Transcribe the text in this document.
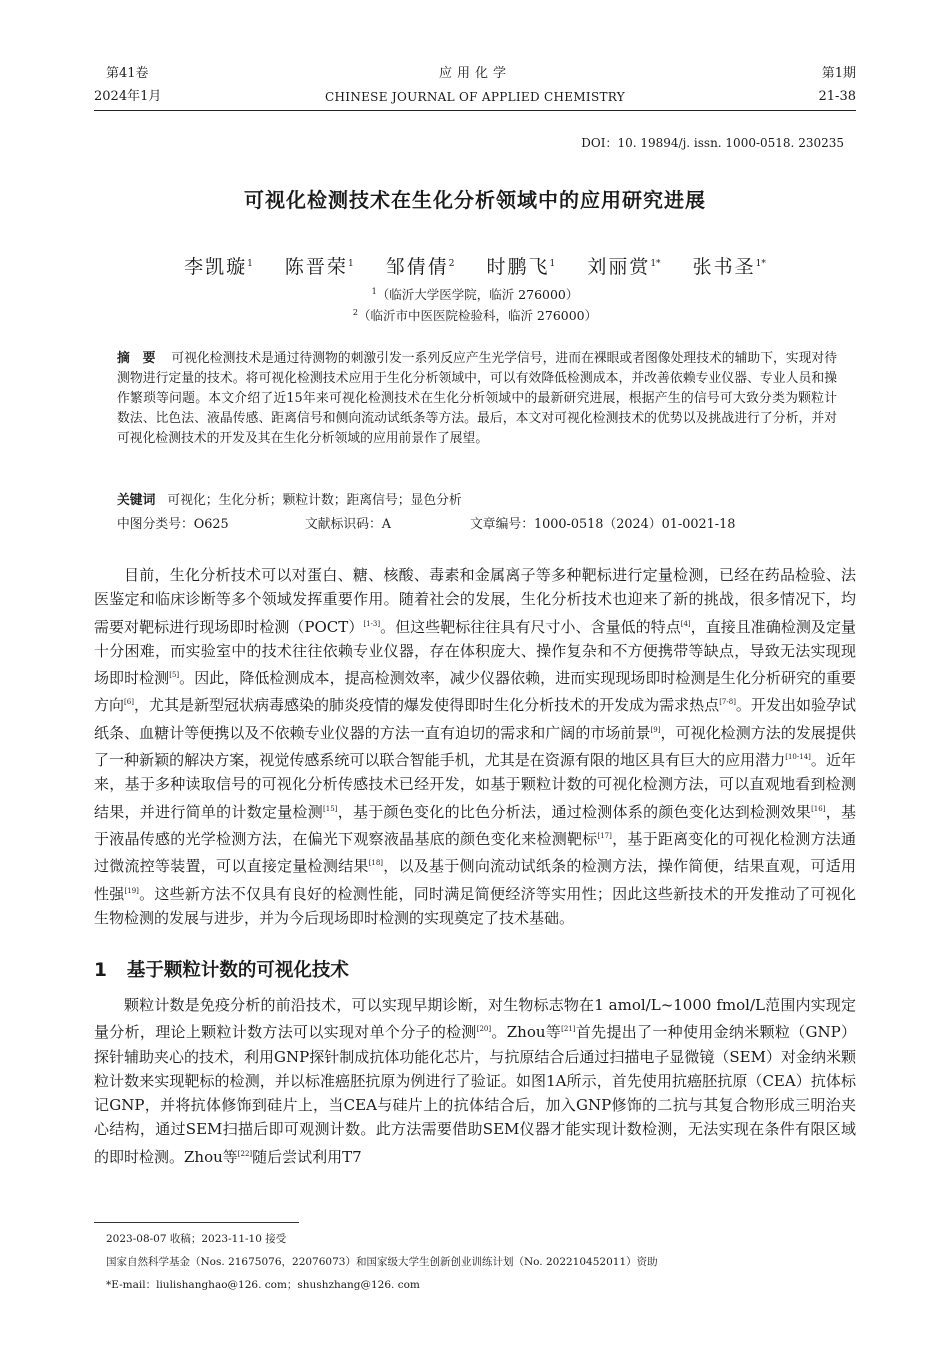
第41卷
2024年1月
应用化学
CHINESE JOURNAL OF APPLIED CHEMISTRY
第1期
21-38
DOI：10. 19894/j. issn. 1000-0518. 230235
可视化检测技术在生化分析领域中的应用研究进展
李凯璇$^1$ 陈晋荣$^1$ 邹倩倩$^2$ 时鹏飞$^1$ 刘丽赏$^{1*}$ 张书圣$^{1*}$
$^1$（临沂大学医学院，临沂 276000）
$^2$（临沂市中医医院检验科，临沂 276000）
摘　要 可视化检测技术是通过待测物的刺激引发一系列反应产生光学信号，进而在裸眼或者图像处理技术的辅助下，实现对待测物进行定量的技术。将可视化检测技术应用于生化分析领域中，可以有效降低检测成本，并改善依赖专业仪器、专业人员和操作繁琐等问题。本文介绍了近15年来可视化检测技术在生化分析领域中的最新研究进展，根据产生的信号可大致分类为颗粒计数法、比色法、液晶传感、距离信号和侧向流动试纸条等方法。最后，本文对可视化检测技术的优势以及挑战进行了分析，并对可视化检测技术的开发及其在生化分析领域的应用前景作了展望。
关键词 可视化；生化分析；颗粒计数；距离信号；显色分析
中图分类号：O625	文献标识码：A	文章编号：1000-0518（2024）01-0021-18

目前，生化分析技术可以对蛋白、糖、核酸、毒素和金属离子等多种靶标进行定量检测，已经在药品检验、法医鉴定和临床诊断等多个领域发挥重要作用。随着社会的发展，生化分析技术也迎来了新的挑战，很多情况下，均需要对靶标进行现场即时检测（POCT）[1-3]。但这些靶标往往具有尺寸小、含量低的特点[4]，直接且准确检测及定量十分困难，而实验室中的技术往往依赖专业仪器，存在体积庞大、操作复杂和不方便携带等缺点，导致无法实现现场即时检测[5]。因此，降低检测成本，提高检测效率，减少仪器依赖，进而实现现场即时检测是生化分析研究的重要方向[6]，尤其是新型冠状病毒感染的肺炎疫情的爆发使得即时生化分析技术的开发成为需求热点[7-8]。开发出如验孕试纸条、血糖计等便携以及不依赖专业仪器的方法一直有迫切的需求和广阔的市场前景[9]，可视化检测方法的发展提供了一种新颖的解决方案，视觉传感系统可以联合智能手机，尤其是在资源有限的地区具有巨大的应用潜力[10-14]。近年来，基于多种读取信号的可视化分析传感技术已经开发，如基于颗粒计数的可视化检测方法，可以直观地看到检测结果，并进行简单的计数定量检测[15]，基于颜色变化的比色分析法，通过检测体系的颜色变化达到检测效果[16]，基于液晶传感的光学检测方法，在偏光下观察液晶基底的颜色变化来检测靶标[17]，基于距离变化的可视化检测方法通过微流控等装置，可以直接定量检测结果[18]，以及基于侧向流动试纸条的检测方法，操作简便，结果直观，可适用性强[19]。这些新方法不仅具有良好的检测性能，同时满足简便经济等实用性；因此这些新技术的开发推动了可视化生物检测的发展与进步，并为今后现场即时检测的实现奠定了技术基础。

1 基于颗粒计数的可视化技术

颗粒计数是免疫分析的前沿技术，可以实现早期诊断，对生物标志物在1 amol/L~1000 fmol/L范围内实现定量分析，理论上颗粒计数方法可以实现对单个分子的检测[20]。Zhou等[21]首先提出了一种使用金纳米颗粒（GNP）探针辅助夹心的技术，利用GNP探针制成抗体功能化芯片，与抗原结合后通过扫描电子显微镜（SEM）对金纳米颗粒计数来实现靶标的检测，并以标准癌胚抗原为例进行了验证。如图1A所示，首先使用抗癌胚抗原（CEA）抗体标记GNP，并将抗体修饰到硅片上，当CEA与硅片上的抗体结合后，加入GNP修饰的二抗与其复合物形成三明治夹心结构，通过SEM扫描后即可观测计数。此方法需要借助SEM仪器才能实现计数检测，无法实现在条件有限区域的即时检测。Zhou等[22]随后尝试利用T7

2023-08-07 收稿；2023-11-10 接受
国家自然科学基金（Nos. 21675076，22076073）和国家级大学生创新创业训练计划（No. 202210452011）资助
*E-mail：liulishanghao@126. com；shushzhang@126. com
